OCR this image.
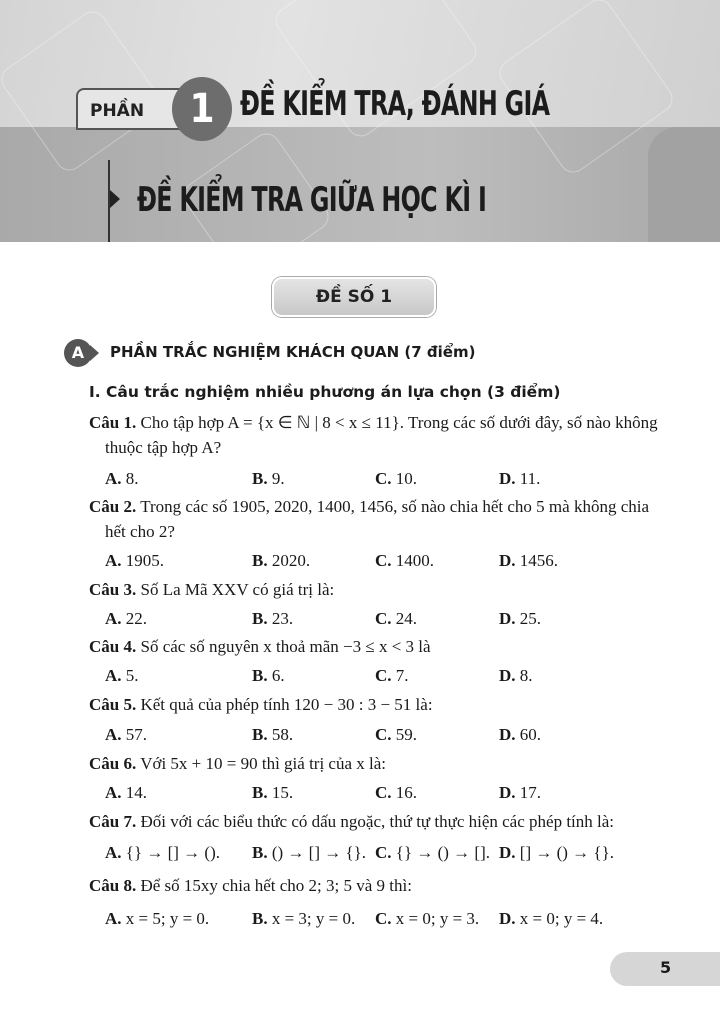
PHẦN	1 ĐỀ KIỂM TRA, ĐÁNH GIÁ
ĐỀ KIỂM TRA GIỮA HỌC KÌ I
ĐỀ SỐ 1
A	PHẦN TRẮC NGHIỆM KHÁCH QUAN (7 điểm)
I. Câu trắc nghiệm nhiều phương án lựa chọn (3 điểm)
Câu 1. Cho tập hợp A = {x ∈ ℕ | 8 < x ≤ 11}. Trong các số dưới đây, số nào không
thuộc tập hợp A?
A. 8.	B. 9.	C. 10.	D. 11.
Câu 2. Trong các số 1905, 2020, 1400, 1456, số nào chia hết cho 5 mà không chia
hết cho 2?
A. 1905.	B. 2020.	C. 1400.	D. 1456.
Câu 3. Số La Mã XXV có giá trị là:
A. 22.	B. 23.	C. 24.	D. 25.
Câu 4. Số các số nguyên x thoả mãn −3 ≤ x < 3 là
A. 5.	B. 6.	C. 7.	D. 8.
Câu 5. Kết quả của phép tính 120 − 30 : 3 − 51 là:
A. 57.	B. 58.	C. 59.	D. 60.
Câu 6. Với 5x + 10 = 90 thì giá trị của x là:
A. 14.	B. 15.	C. 16.	D. 17.
Câu 7. Đối với các biểu thức có dấu ngoặc, thứ tự thực hiện các phép tính là:
A. {} → [] → (). B. () → [] → {}. C. {} → () → []. D. [] → () → {}.
Câu 8. Để số 15xy chia hết cho 2; 3; 5 và 9 thì:
A. x = 5; y = 0.	B. x = 3; y = 0. C. x = 0; y = 3. D. x = 0; y = 4.
5
